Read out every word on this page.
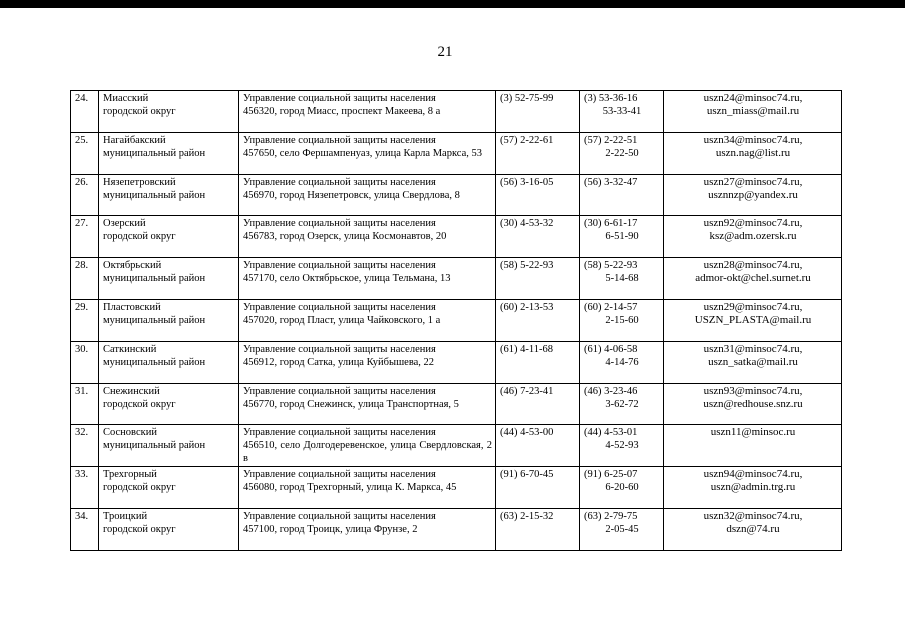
21
24.	Миасский
городской округ	Управление социальной защиты населения
456320, город Миасс, проспект Макеева, 8 а	(3) 52-75-99	(3) 53-36-16
53-33-41	uszn24@minsoc74.ru,
uszn_miass@mail.ru

25.	Нагайбакский
муниципальный район	Управление социальной защиты населения
457650, село Фершампенуаз, улица Карла Маркса, 53	(57) 2-22-61	(57) 2-22-51
2-22-50	uszn34@minsoc74.ru,
uszn.nag@list.ru

26.	Нязепетровский
муниципальный район	Управление социальной защиты населения
456970, город Нязепетровск, улица Свердлова, 8	(56) 3-16-05	(56) 3-32-47	uszn27@minsoc74.ru,
usznnzp@yandex.ru

27.	Озерский
городской округ	Управление социальной защиты населения
456783, город Озерск, улица Космонавтов, 20	(30) 4-53-32	(30) 6-61-17
6-51-90	uszn92@minsoc74.ru,
ksz@adm.ozersk.ru

28.	Октябрьский
муниципальный район	Управление социальной защиты населения
457170, село Октябрьское, улица Тельмана, 13	(58) 5-22-93	(58) 5-22-93
5-14-68	uszn28@minsoc74.ru,
admor-okt@chel.surnet.ru

29.	Пластовский
муниципальный район	Управление социальной защиты населения
457020, город Пласт, улица Чайковского, 1 а	(60) 2-13-53	(60) 2-14-57
2-15-60	uszn29@minsoc74.ru,
USZN_PLASTA@mail.ru

30.	Саткинский
муниципальный район	Управление социальной защиты населения
456912, город Сатка, улица Куйбышева, 22	(61) 4-11-68	(61) 4-06-58
4-14-76	uszn31@minsoc74.ru,
uszn_satka@mail.ru

31.	Снежинский
городской округ	Управление социальной защиты населения
456770, город Снежинск, улица Транспортная, 5	(46) 7-23-41	(46) 3-23-46
3-62-72	uszn93@minsoc74.ru,
uszn@redhouse.snz.ru

32.	Сосновский
муниципальный район	Управление социальной защиты населения
456510, село Долгодеревенское, улица Свердловская, 2 в	(44) 4-53-00	(44) 4-53-01
4-52-93	uszn11@minsoc.ru

33.	Трехгорный
городской округ	Управление социальной защиты населения
456080, город Трехгорный, улица К. Маркса, 45	(91) 6-70-45	(91) 6-25-07
6-20-60	uszn94@minsoc74.ru,
uszn@admin.trg.ru

34.	Троицкий
городской округ	Управление социальной защиты населения
457100, город Троицк, улица Фрунзе, 2	(63) 2-15-32	(63) 2-79-75
2-05-45	uszn32@minsoc74.ru,
dszn@74.ru
